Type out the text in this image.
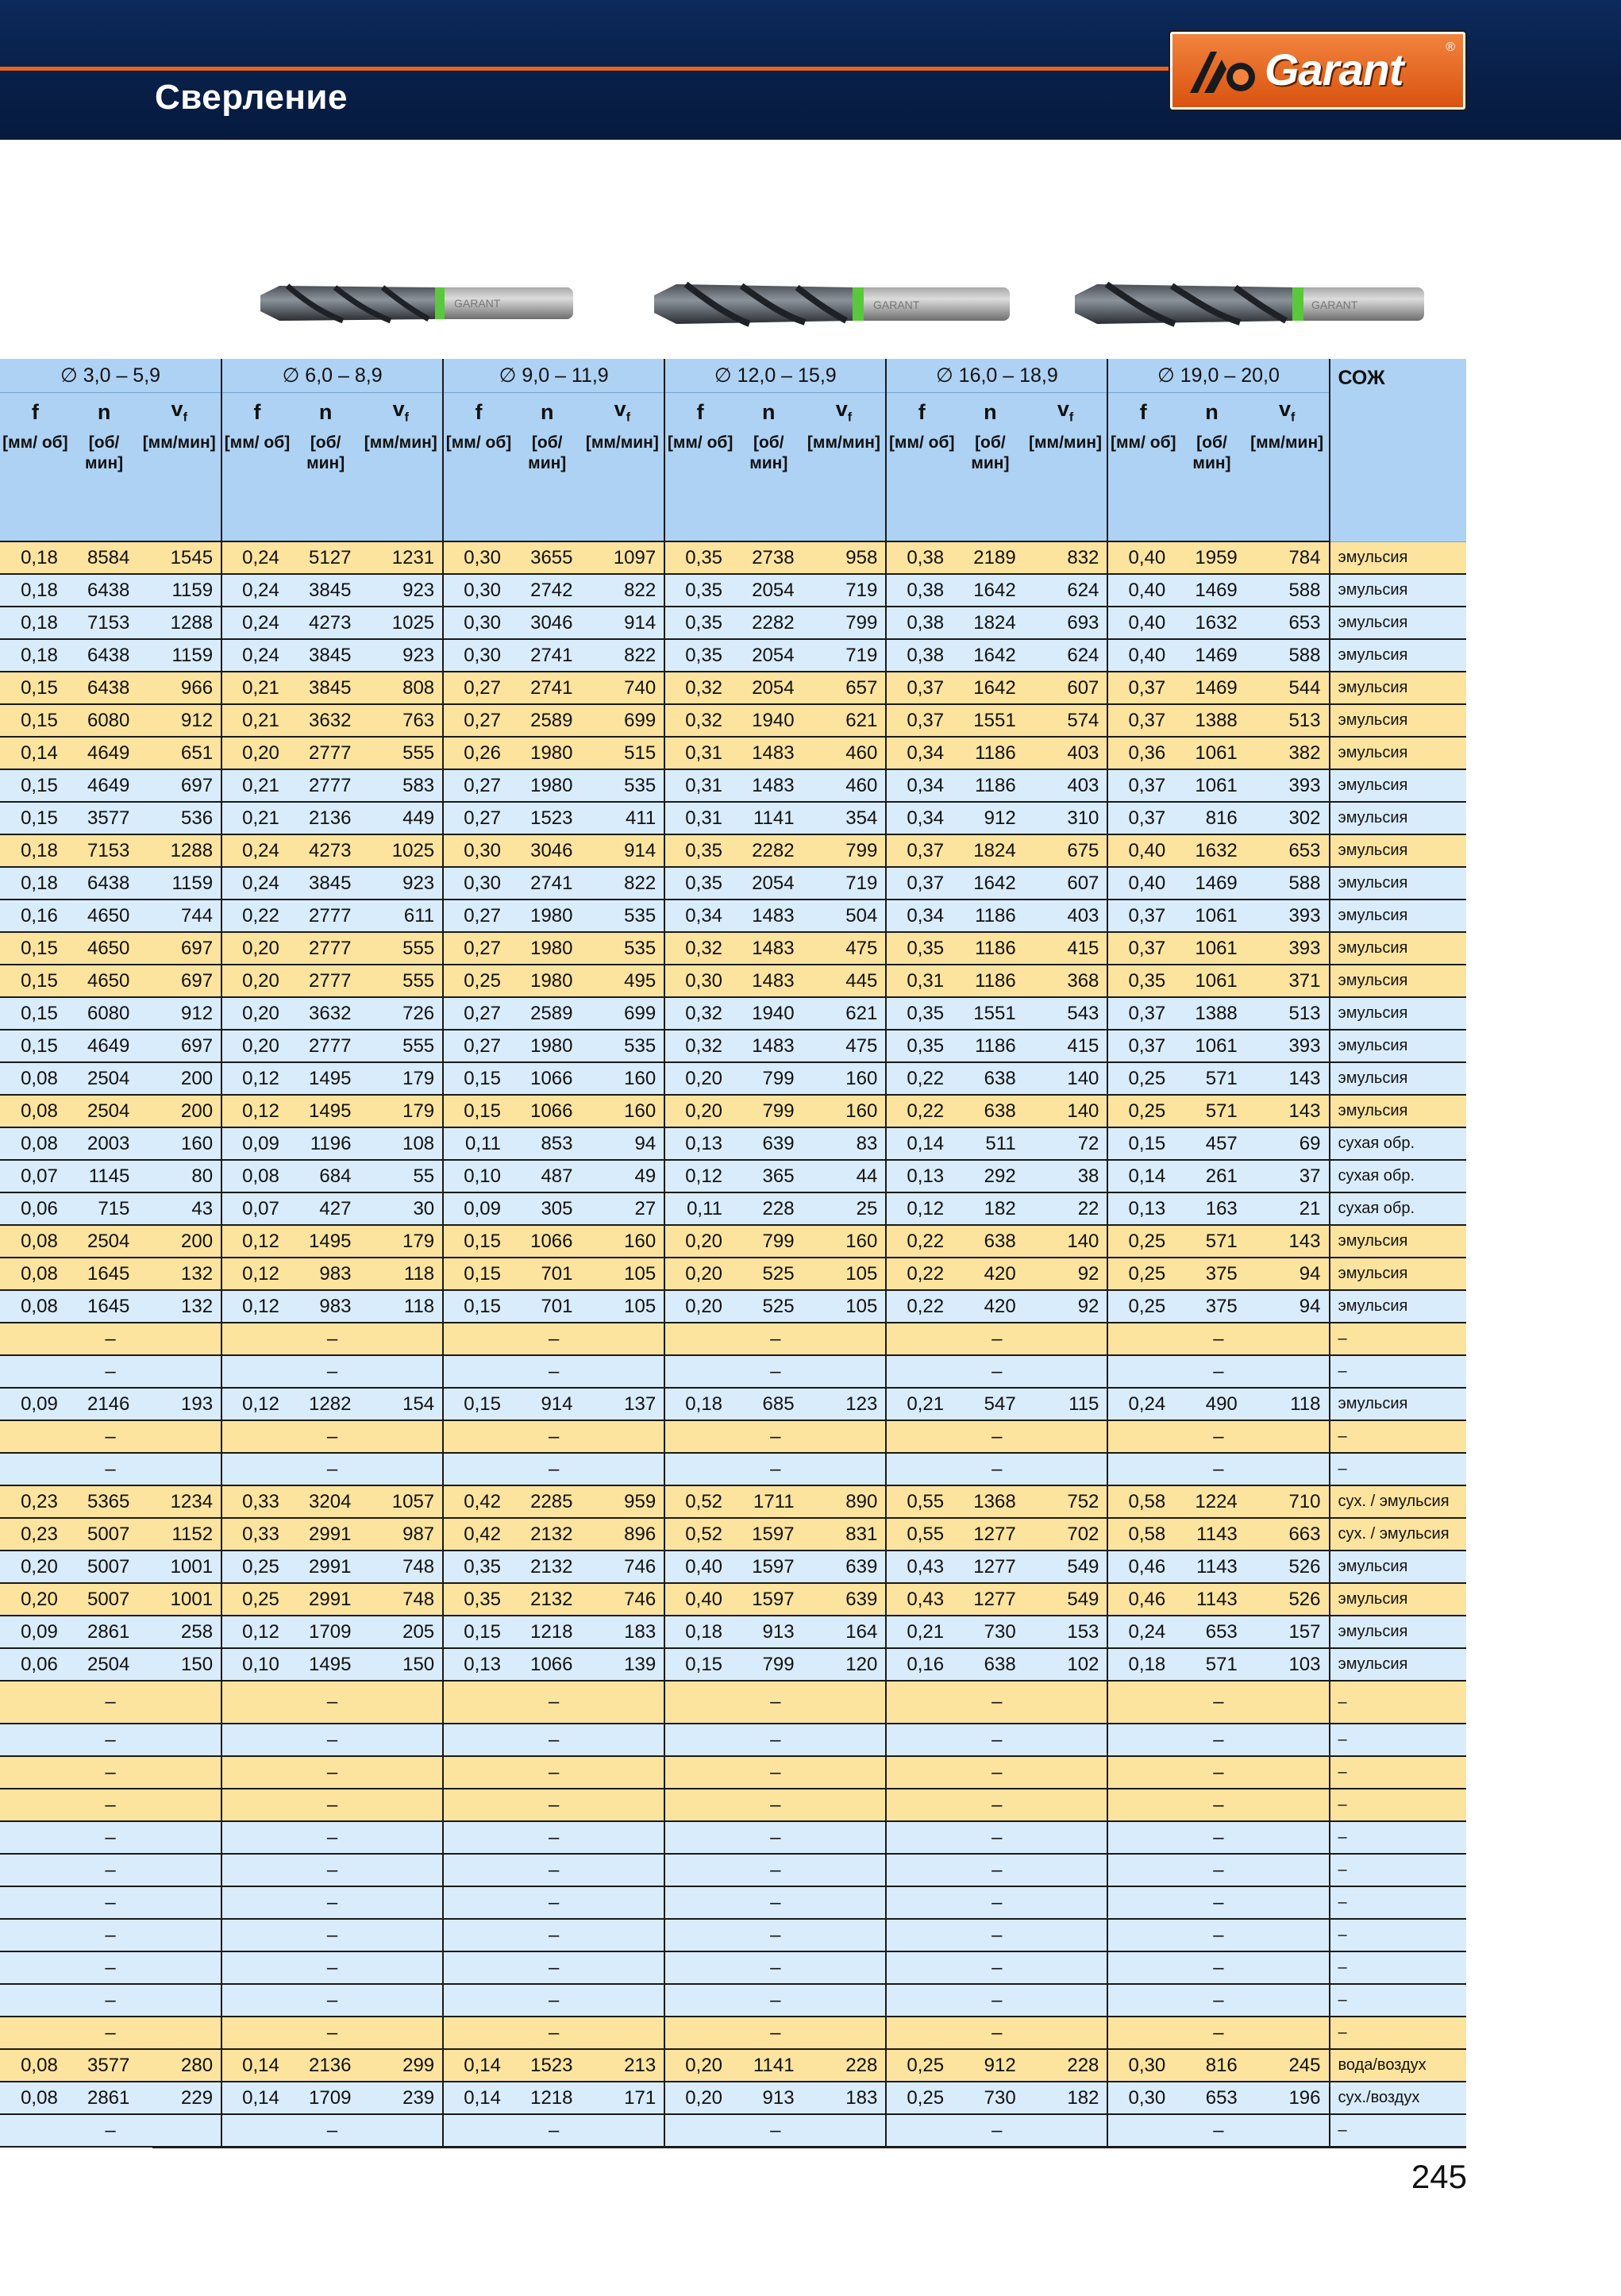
Сверление
Garant	®
GARANT	GARANT	GARANT
∅ 3,0 – 5,9			∅ 6,0 – 8,9			∅ 9,0 – 11,9			∅ 12,0 – 15,9			∅ 16,0 – 18,9			∅ 19,0 – 20,0			СОЖ
f	n	$v_f$	f	n	$v_f$	f	n	$v_f$	f	n	$v_f$	f	n	$v_f$	f	n	$v_f$
[мм/ об]	[об/ мин]	[мм/мин]	[мм/ об]	[об/ мин]	[мм/мин]	[мм/ об]	[об/ мин]	[мм/мин]	[мм/ об]	[об/ мин]	[мм/мин]	[мм/ об]	[об/ мин]	[мм/мин]	[мм/ об]	[об/ мин]	[мм/мин]	
0,18	8584	1545	0,24	5127	1231	0,30	3655	1097	0,35	2738	958	0,38	2189	832	0,40	1959	784	эмульсия
0,18	6438	1159	0,24	3845	923	0,30	2742	822	0,35	2054	719	0,38	1642	624	0,40	1469	588	эмульсия
0,18	7153	1288	0,24	4273	1025	0,30	3046	914	0,35	2282	799	0,38	1824	693	0,40	1632	653	эмульсия
0,18	6438	1159	0,24	3845	923	0,30	2741	822	0,35	2054	719	0,38	1642	624	0,40	1469	588	эмульсия
0,15	6438	966	0,21	3845	808	0,27	2741	740	0,32	2054	657	0,37	1642	607	0,37	1469	544	эмульсия
0,15	6080	912	0,21	3632	763	0,27	2589	699	0,32	1940	621	0,37	1551	574	0,37	1388	513	эмульсия
0,14	4649	651	0,20	2777	555	0,26	1980	515	0,31	1483	460	0,34	1186	403	0,36	1061	382	эмульсия
0,15	4649	697	0,21	2777	583	0,27	1980	535	0,31	1483	460	0,34	1186	403	0,37	1061	393	эмульсия
0,15	3577	536	0,21	2136	449	0,27	1523	411	0,31	1141	354	0,34	912	310	0,37	816	302	эмульсия
0,18	7153	1288	0,24	4273	1025	0,30	3046	914	0,35	2282	799	0,37	1824	675	0,40	1632	653	эмульсия
0,18	6438	1159	0,24	3845	923	0,30	2741	822	0,35	2054	719	0,37	1642	607	0,40	1469	588	эмульсия
0,16	4650	744	0,22	2777	611	0,27	1980	535	0,34	1483	504	0,34	1186	403	0,37	1061	393	эмульсия
0,15	4650	697	0,20	2777	555	0,27	1980	535	0,32	1483	475	0,35	1186	415	0,37	1061	393	эмульсия
0,15	4650	697	0,20	2777	555	0,25	1980	495	0,30	1483	445	0,31	1186	368	0,35	1061	371	эмульсия
0,15	6080	912	0,20	3632	726	0,27	2589	699	0,32	1940	621	0,35	1551	543	0,37	1388	513	эмульсия
0,15	4649	697	0,20	2777	555	0,27	1980	535	0,32	1483	475	0,35	1186	415	0,37	1061	393	эмульсия
0,08	2504	200	0,12	1495	179	0,15	1066	160	0,20	799	160	0,22	638	140	0,25	571	143	эмульсия
0,08	2504	200	0,12	1495	179	0,15	1066	160	0,20	799	160	0,22	638	140	0,25	571	143	эмульсия
0,08	2003	160	0,09	1196	108	0,11	853	94	0,13	639	83	0,14	511	72	0,15	457	69	сухая обр.
0,07	1145	80	0,08	684	55	0,10	487	49	0,12	365	44	0,13	292	38	0,14	261	37	сухая обр.
0,06	715	43	0,07	427	30	0,09	305	27	0,11	228	25	0,12	182	22	0,13	163	21	сухая обр.
0,08	2504	200	0,12	1495	179	0,15	1066	160	0,20	799	160	0,22	638	140	0,25	571	143	эмульсия
0,08	1645	132	0,12	983	118	0,15	701	105	0,20	525	105	0,22	420	92	0,25	375	94	эмульсия
0,08	1645	132	0,12	983	118	0,15	701	105	0,20	525	105	0,22	420	92	0,25	375	94	эмульсия
–			–			–			–			–			–			–
–			–			–			–			–			–			–
0,09	2146	193	0,12	1282	154	0,15	914	137	0,18	685	123	0,21	547	115	0,24	490	118	эмульсия
–			–			–			–			–			–			–
–			–			–			–			–			–			–
0,23	5365	1234	0,33	3204	1057	0,42	2285	959	0,52	1711	890	0,55	1368	752	0,58	1224	710	сух. / эмульсия
0,23	5007	1152	0,33	2991	987	0,42	2132	896	0,52	1597	831	0,55	1277	702	0,58	1143	663	сух. / эмульсия
0,20	5007	1001	0,25	2991	748	0,35	2132	746	0,40	1597	639	0,43	1277	549	0,46	1143	526	эмульсия
0,20	5007	1001	0,25	2991	748	0,35	2132	746	0,40	1597	639	0,43	1277	549	0,46	1143	526	эмульсия
0,09	2861	258	0,12	1709	205	0,15	1218	183	0,18	913	164	0,21	730	153	0,24	653	157	эмульсия
0,06	2504	150	0,10	1495	150	0,13	1066	139	0,15	799	120	0,16	638	102	0,18	571	103	эмульсия
–			–			–			–			–			–			–
–			–			–			–			–			–			–
–			–			–			–			–			–			–
–			–			–			–			–			–			–
–			–			–			–			–			–			–
–			–			–			–			–			–			–
–			–			–			–			–			–			–
–			–			–			–			–			–			–
–			–			–			–			–			–			–
–			–			–			–			–			–			–
–			–			–			–			–			–			–
0,08	3577	280	0,14	2136	299	0,14	1523	213	0,20	1141	228	0,25	912	228	0,30	816	245	вода/воздух
0,08	2861	229	0,14	1709	239	0,14	1218	171	0,20	913	183	0,25	730	182	0,30	653	196	сух./воздух
–			–			–			–			–			–			–
245
